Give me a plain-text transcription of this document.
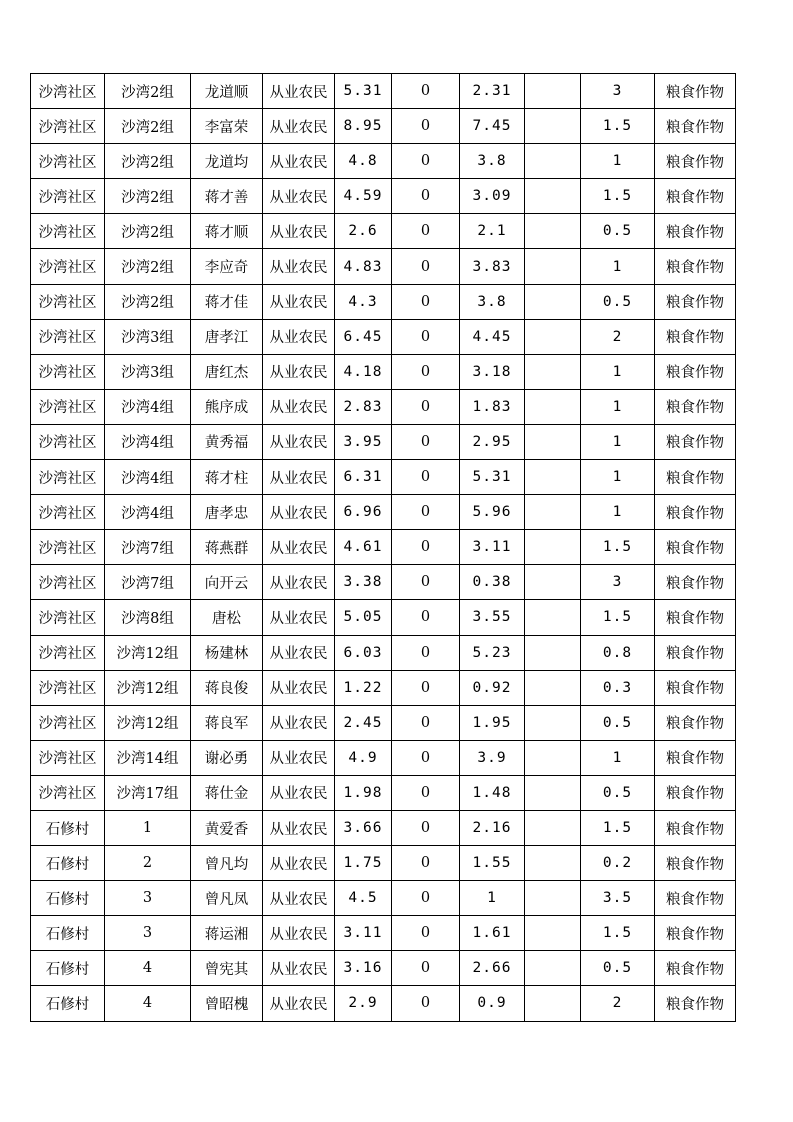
沙湾社区	沙湾2组	龙道顺	从业农民	5.31	0	2.31		3	粮食作物
沙湾社区	沙湾2组	李富荣	从业农民	8.95	0	7.45		1.5	粮食作物
沙湾社区	沙湾2组	龙道均	从业农民	4.8	0	3.8		1	粮食作物
沙湾社区	沙湾2组	蒋才善	从业农民	4.59	0	3.09		1.5	粮食作物
沙湾社区	沙湾2组	蒋才顺	从业农民	2.6	0	2.1		0.5	粮食作物
沙湾社区	沙湾2组	李应奇	从业农民	4.83	0	3.83		1	粮食作物
沙湾社区	沙湾2组	蒋才佳	从业农民	4.3	0	3.8		0.5	粮食作物
沙湾社区	沙湾3组	唐孝江	从业农民	6.45	0	4.45		2	粮食作物
沙湾社区	沙湾3组	唐红杰	从业农民	4.18	0	3.18		1	粮食作物
沙湾社区	沙湾4组	熊序成	从业农民	2.83	0	1.83		1	粮食作物
沙湾社区	沙湾4组	黄秀福	从业农民	3.95	0	2.95		1	粮食作物
沙湾社区	沙湾4组	蒋才柱	从业农民	6.31	0	5.31		1	粮食作物
沙湾社区	沙湾4组	唐孝忠	从业农民	6.96	0	5.96		1	粮食作物
沙湾社区	沙湾7组	蒋燕群	从业农民	4.61	0	3.11		1.5	粮食作物
沙湾社区	沙湾7组	向开云	从业农民	3.38	0	0.38		3	粮食作物
沙湾社区	沙湾8组	唐松	从业农民	5.05	0	3.55		1.5	粮食作物
沙湾社区	沙湾12组	杨建林	从业农民	6.03	0	5.23		0.8	粮食作物
沙湾社区	沙湾12组	蒋良俊	从业农民	1.22	0	0.92		0.3	粮食作物
沙湾社区	沙湾12组	蒋良军	从业农民	2.45	0	1.95		0.5	粮食作物
沙湾社区	沙湾14组	谢必勇	从业农民	4.9	0	3.9		1	粮食作物
沙湾社区	沙湾17组	蒋仕金	从业农民	1.98	0	1.48		0.5	粮食作物
石修村	1	黄爱香	从业农民	3.66	0	2.16		1.5	粮食作物
石修村	2	曾凡均	从业农民	1.75	0	1.55		0.2	粮食作物
石修村	3	曾凡凤	从业农民	4.5	0	1		3.5	粮食作物
石修村	3	蒋运湘	从业农民	3.11	0	1.61		1.5	粮食作物
石修村	4	曾宪其	从业农民	3.16	0	2.66		0.5	粮食作物
石修村	4	曾昭槐	从业农民	2.9	0	0.9		2	粮食作物
